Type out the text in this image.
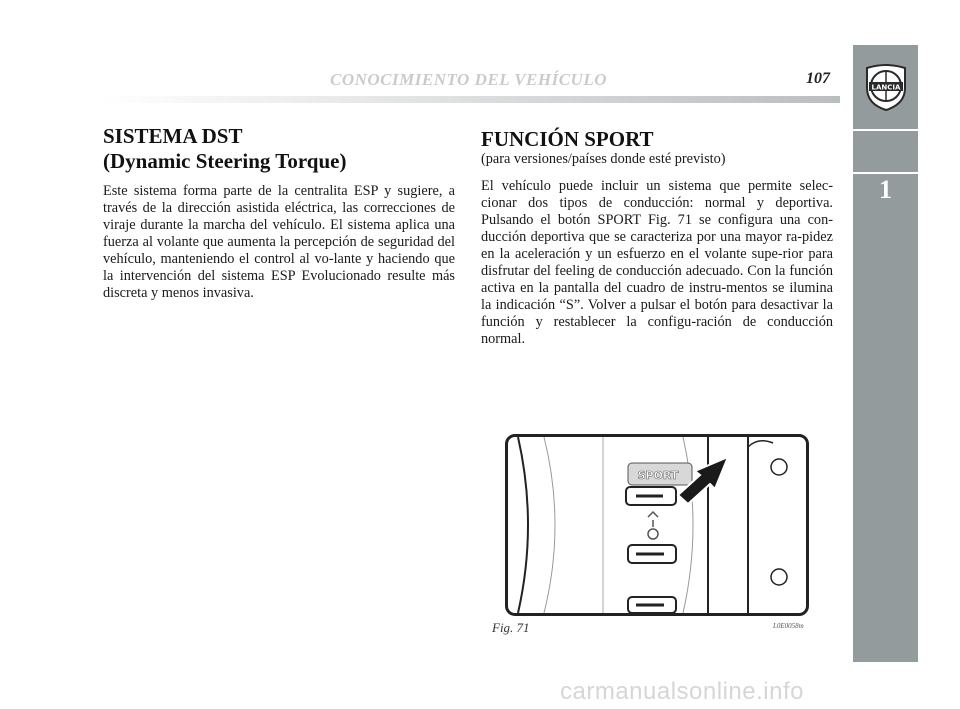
CONOCIMIENTO DEL VEHÍCULO	107
LANCIA
1
SISTEMA DST
(Dynamic Steering Torque)

Este sistema forma parte de la centralita ESP y sugiere, a través de la dirección asistida eléctrica, las correcciones de viraje durante la marcha del vehículo. El sistema aplica una fuerza al volante que aumenta la percepción de seguridad del vehículo, manteniendo el control al vo-lante y haciendo que la intervención del sistema ESP Evolucionado resulte más discreta y menos invasiva.

FUNCIÓN SPORT
(para versiones/países donde esté previsto)

El vehículo puede incluir un sistema que permite selec-cionar dos tipos de conducción: normal y deportiva. Pulsando el botón SPORT Fig. 71 se configura una con-ducción deportiva que se caracteriza por una mayor ra-pidez en la aceleración y un esfuerzo en el volante supe-rior para disfrutar del feeling de conducción adecuado. Con la función activa en la pantalla del cuadro de instru-mentos se ilumina la indicación “S”. Volver a pulsar el botón para desactivar la función y restablecer la configu-ración de conducción normal.

SPORT
Fig. 71	L0E0058m
carmanualsonline.info
